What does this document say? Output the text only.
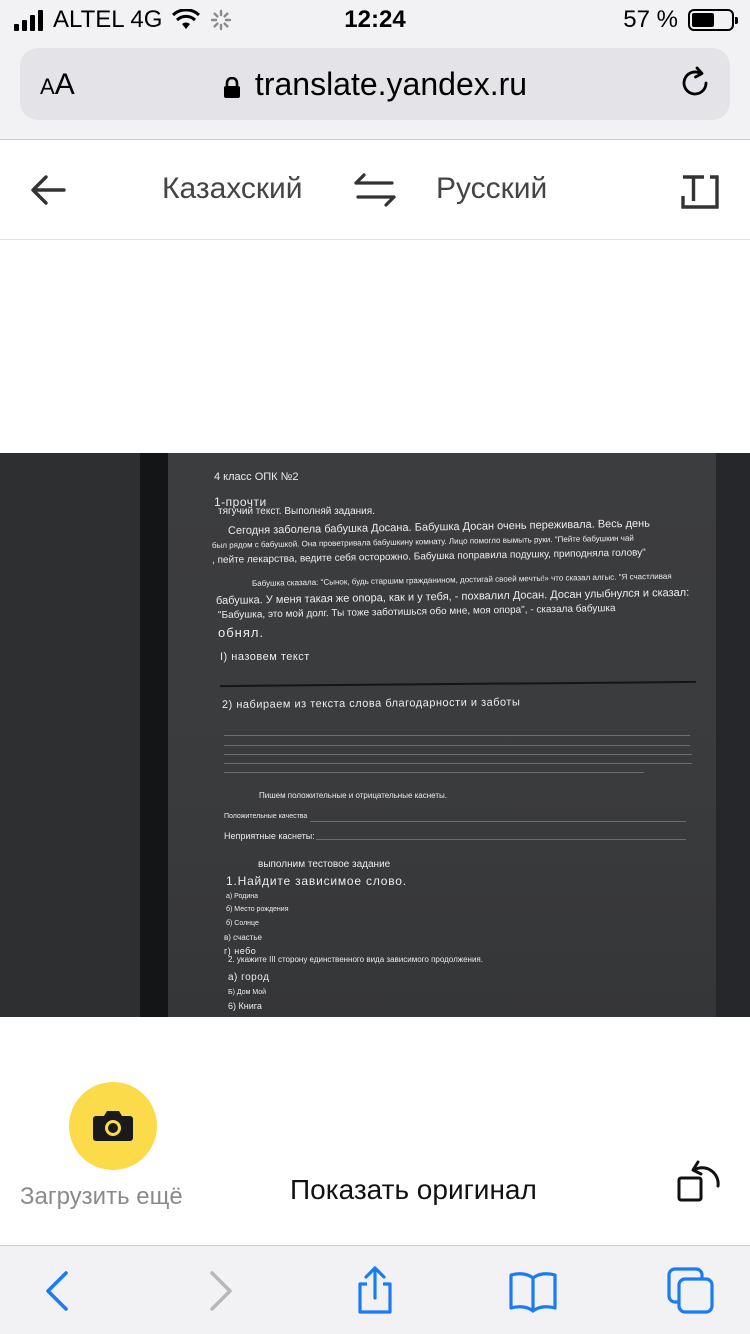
ALTEL 4G	12:24	57 %
AA	translate.yandex.ru
Казахский	Русский
4 класс ОПК №2
1-прочти
тягучий текст. Выполняй задания.
Сегодня заболела бабушка Досана. Бабушка Досан очень переживала. Весь день
был рядом с бабушкой. Она проветривала бабушкину комнату. Лицо помогло вымыть руки. "Пейте бабушкин чай
, пейте лекарства, ведите себя осторожно. Бабушка поправила подушку, приподняла голову"
Бабушка сказала: "Сынок, будь старшим гражданином, достигай своей мечты!» что сказал алгыс. "Я счастливая
бабушка. У меня такая же опора, как и у тебя, - похвалил Досан. Досан улыбнулся и сказал:
"Бабушка, это мой долг. Ты тоже заботишься обо мне, моя опора", - сказала бабушка
обнял.
I) назовем текст
2) набираем из текста слова благодарности и заботы
Пишем положительные и отрицательные каснеты.
Положительные качества
Неприятные каснеты:
выполним тестовое задание
1.Найдите зависимое слово.
а) Родина
б) Место рождения
б) Солнце
в) счастье
г) небо
2. укажите III сторону единственного вида зависимого продолжения.
а) город
Б) Дом Мой
6) Книга
Загрузить ещё	Показать оригинал
